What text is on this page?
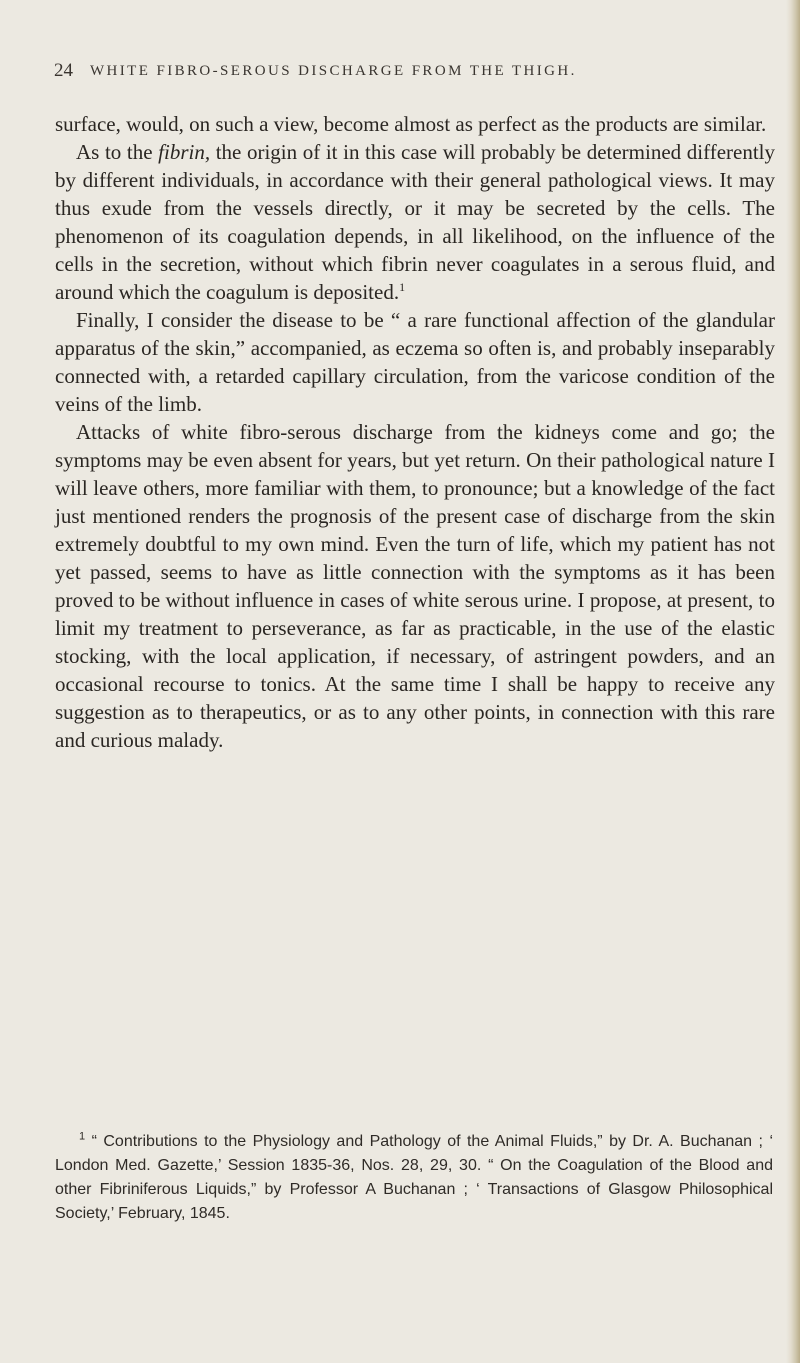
24 WHITE FIBRO-SEROUS DISCHARGE FROM THE THIGH.

surface, would, on such a view, become almost as perfect as the products are similar.

As to the fibrin, the origin of it in this case will probably be determined differently by different individuals, in accordance with their general pathological views. It may thus exude from the vessels directly, or it may be secreted by the cells. The phenomenon of its coagulation depends, in all likelihood, on the influence of the cells in the secretion, without which fibrin never coagulates in a serous fluid, and around which the coagulum is deposited.$^1$

Finally, I consider the disease to be “ a rare functional affection of the glandular apparatus of the skin,” accompanied, as eczema so often is, and probably inseparably connected with, a retarded capillary circulation, from the varicose condition of the veins of the limb.

Attacks of white fibro-serous discharge from the kidneys come and go; the symptoms may be even absent for years, but yet return. On their pathological nature I will leave others, more familiar with them, to pronounce; but a knowledge of the fact just mentioned renders the prognosis of the present case of discharge from the skin extremely doubtful to my own mind. Even the turn of life, which my patient has not yet passed, seems to have as little connection with the symptoms as it has been proved to be without influence in cases of white serous urine. I propose, at present, to limit my treatment to perseverance, as far as practicable, in the use of the elastic stocking, with the local application, if necessary, of astringent powders, and an occasional recourse to tonics. At the same time I shall be happy to receive any suggestion as to therapeutics, or as to any other points, in connection with this rare and curious malady.

$^1$ “ Contributions to the Physiology and Pathology of the Animal Fluids,” by Dr. A. Buchanan ; ‘ London Med. Gazette,’ Session 1835-36, Nos. 28, 29, 30. “ On the Coagulation of the Blood and other Fibriniferous Liquids,” by Professor A Buchanan ; ‘ Transactions of Glasgow Philosophical Society,’ February, 1845.
